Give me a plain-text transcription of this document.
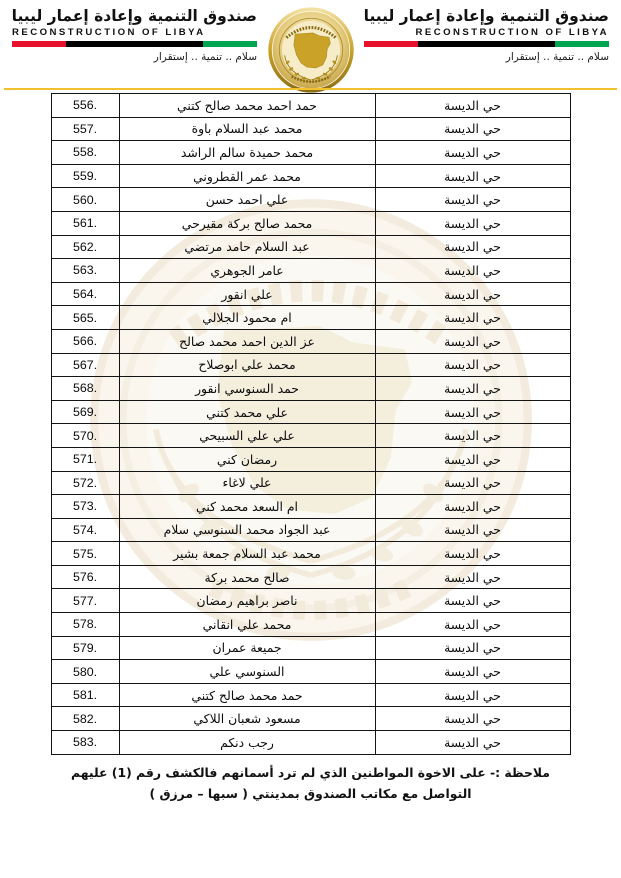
صندوق التنمية وإعادة إعمار ليبيا
RECONSTRUCTION OF LIBYA
سلام .. تنمية .. إستقرار
صندوق التنمية وإعادة إعمار ليبيا
RECONSTRUCTION OF LIBYA
سلام .. تنمية .. إستقرار
حي الديسة	حمد احمد محمد صالح كتني	556.
حي الديسة	محمد عبد السلام باوة	557.
حي الديسة	محمد حميدة سالم الراشد	558.
حي الديسة	محمد عمر القطروني	559.
حي الديسة	علي احمد حسن	560.
حي الديسة	محمد صالح بركة مقيرحي	561.
حي الديسة	عبد السلام حامد مرتضي	562.
حي الديسة	عامر الجوهري	563.
حي الديسة	علي انقور	564.
حي الديسة	ام محمود الجلالي	565.
حي الديسة	عز الدين احمد محمد صالح	566.
حي الديسة	محمد علي ابوصلاح	567.
حي الديسة	حمد السنوسي انقور	568.
حي الديسة	علي محمد كتني	569.
حي الديسة	علي علي السبيحي	570.
حي الديسة	رمضان كني	571.
حي الديسة	علي لاغاء	572.
حي الديسة	ام السعد محمد كني	573.
حي الديسة	عبد الجواد محمد السنوسي سلام	574.
حي الديسة	محمد عبد السلام جمعة بشير	575.
حي الديسة	صالح محمد بركة	576.
حي الديسة	ناصر براهيم رمضان	577.
حي الديسة	محمد علي انقاني	578.
حي الديسة	جميعة عمران	579.
حي الديسة	السنوسي علي	580.
حي الديسة	حمد محمد صالح كتني	581.
حي الديسة	مسعود شعبان اللاكي	582.
حي الديسة	رجب دنكم	583.
ملاحظة :- على الاخوة المواطنين الذي لم ترد أسمانهم فالكشف رقم (1) عليهم
التواصل مع مكاتب الصندوق بمدينتي ( سبها – مرزق )
